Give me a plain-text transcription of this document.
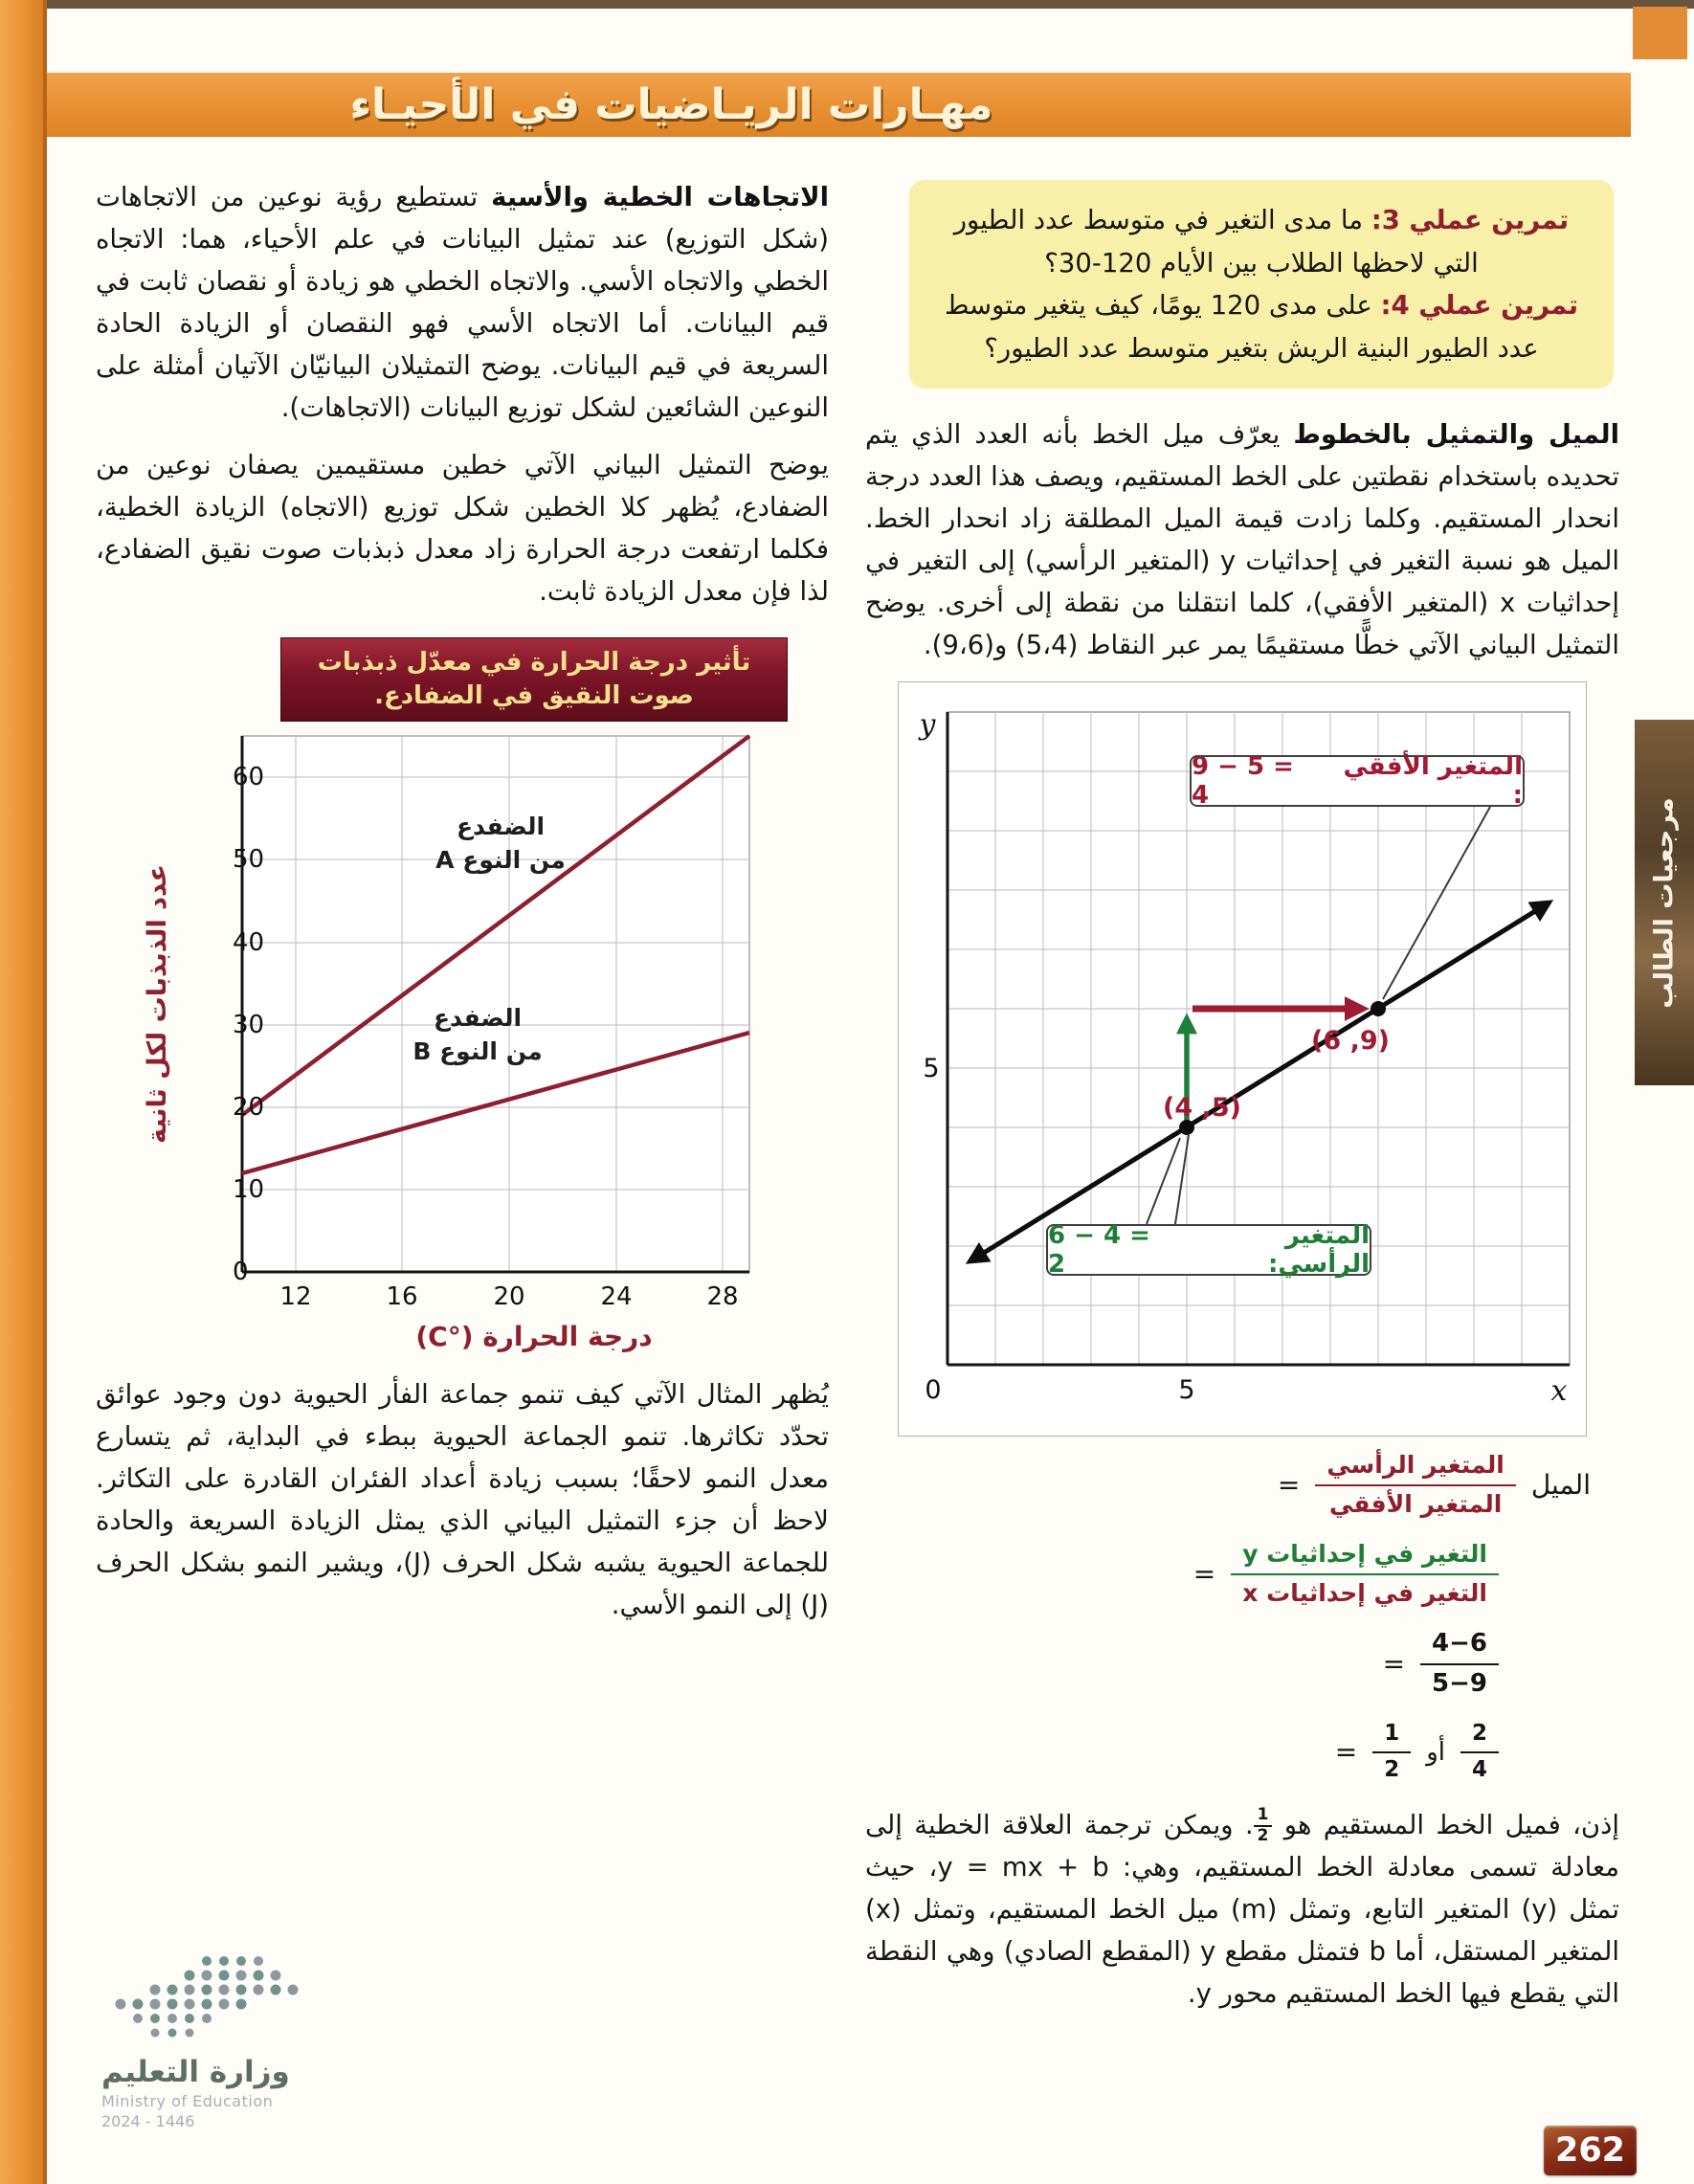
مهـارات الريـاضيات في الأحيـاء
مرجعيات الطالب

تمرين عملي 3: ما مدى التغير في متوسط عدد الطيور التي لاحظها الطلاب بين الأيام 120-30؟

تمرين عملي 4: على مدى 120 يومًا، كيف يتغير متوسط عدد الطيور البنية الريش بتغير متوسط عدد الطيور؟

الميل والتمثيل بالخطوط يعرّف ميل الخط بأنه العدد الذي يتم تحديده باستخدام نقطتين على الخط المستقيم، ويصف هذا العدد درجة انحدار المستقيم. وكلما زادت قيمة الميل المطلقة زاد انحدار الخط. الميل هو نسبة التغير في إحداثيات y (المتغير الرأسي) إلى التغير في إحداثيات x (المتغير الأفقي)، كلما انتقلنا من نقطة إلى أخرى. يوضح التمثيل البياني الآتي خطًّا مستقيمًا يمر عبر النقاط (5،4) و(9،6).

(5, 4)
(9, 6)
y
x
0
5
5
المتغير الأفقي :
9 − 5 = 4
المتغير الرأسي:
6 − 4 = 2
الميل
$\frac{\text{المتغير الرأسي}}{\text{المتغير الأفقي}}$
=
$\frac{\text{التغير في إحداثيات y}}{\text{التغير في إحداثيات x}}$
=
$\frac{4-6}{5-9}$
=
$\frac{2}{4}$
أو
$\frac{1}{2}$
=

إذن، فميل الخط المستقيم هو
$\frac{1}{2}$
. ويمكن ترجمة العلاقة الخطية إلى معادلة تسمى معادلة الخط المستقيم، وهي: y = mx + b، حيث تمثل (y) المتغير التابع، وتمثل (m) ميل الخط المستقيم، وتمثل (x) المتغير المستقل، أما b فتمثل مقطع y (المقطع الصادي) وهي النقطة التي يقطع فيها الخط المستقيم محور y.

الاتجاهات الخطية والأسية تستطيع رؤية نوعين من الاتجاهات (شكل التوزيع) عند تمثيل البيانات في علم الأحياء، هما: الاتجاه الخطي والاتجاه الأسي. والاتجاه الخطي هو زيادة أو نقصان ثابت في قيم البيانات. أما الاتجاه الأسي فهو النقصان أو الزيادة الحادة السريعة في قيم البيانات. يوضح التمثيلان البيانيّان الآتيان أمثلة على النوعين الشائعين لشكل توزيع البيانات (الاتجاهات).

يوضح التمثيل البياني الآتي خطين مستقيمين يصفان نوعين من الضفادع، يُظهر كلا الخطين شكل توزيع (الاتجاه) الزيادة الخطية، فكلما ارتفعت درجة الحرارة زاد معدل ذبذبات صوت نقيق الضفادع، لذا فإن معدل الزيادة ثابت.

تأثير درجة الحرارة في معدّل ذبذبات
صوت النقيق في الضفادع.
60
50
40
30
20
10
0
12	16	20	24	28
الضفدع
من النوع A
الضفدع
من النوع B
عدد الذبذبات لكل ثانية
درجة الحرارة (°C)

يُظهر المثال الآتي كيف تنمو جماعة الفأر الحيوية دون وجود عوائق تحدّد تكاثرها. تنمو الجماعة الحيوية ببطء في البداية، ثم يتسارع معدل النمو لاحقًا؛ بسبب زيادة أعداد الفئران القادرة على التكاثر. لاحظ أن جزء التمثيل البياني الذي يمثل الزيادة السريعة والحادة للجماعة الحيوية يشبه شكل الحرف (J)، ويشير النمو بشكل الحرف (J) إلى النمو الأسي.

وزارة التعليم
Ministry of Education
2024 - 1446
262
